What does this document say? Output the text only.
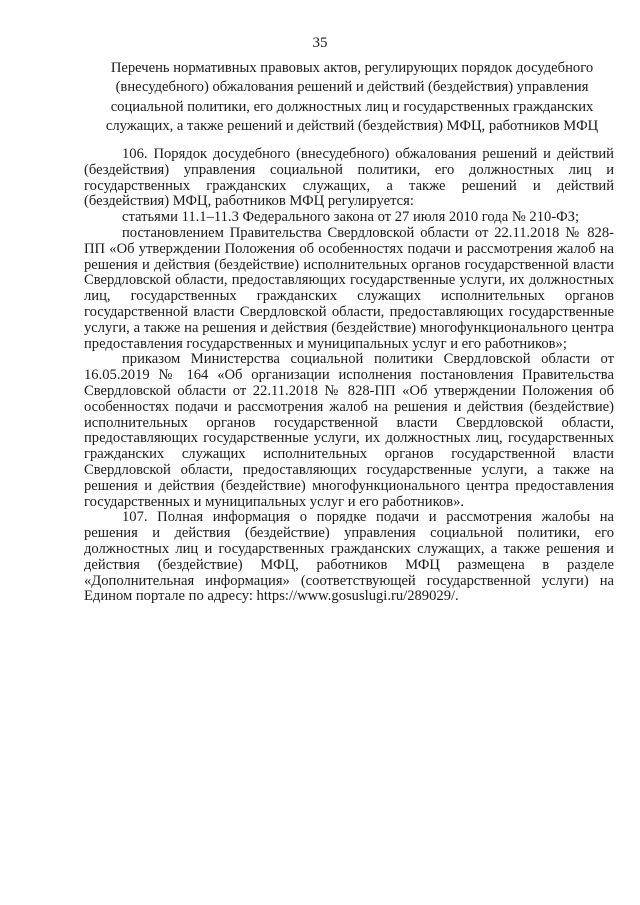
35
Перечень нормативных правовых актов, регулирующих порядок досудебного (внесудебного) обжалования решений и действий (бездействия) управления социальной политики, его должностных лиц и государственных гражданских служащих, а также решений и действий (бездействия) МФЦ, работников МФЦ

106. Порядок досудебного (внесудебного) обжалования решений и действий (бездействия) управления социальной политики, его должностных лиц и государственных гражданских служащих, а также решений и действий (бездействия) МФЦ, работников МФЦ регулируется:

статьями 11.1–11.3 Федерального закона от 27 июля 2010 года № 210-ФЗ;

постановлением Правительства Свердловской области от 22.11.2018 № 828-ПП «Об утверждении Положения об особенностях подачи и рассмотрения жалоб на решения и действия (бездействие) исполнительных органов государственной власти Свердловской области, предоставляющих государственные услуги, их должностных лиц, государственных гражданских служащих исполнительных органов государственной власти Свердловской области, предоставляющих государственные услуги, а также на решения и действия (бездействие) многофункционального центра предоставления государственных и муниципальных услуг и его работников»;

приказом Министерства социальной политики Свердловской области от 16.05.2019 № 164 «Об организации исполнения постановления Правительства Свердловской области от 22.11.2018 № 828-ПП «Об утверждении Положения об особенностях подачи и рассмотрения жалоб на решения и действия (бездействие) исполнительных органов государственной власти Свердловской области, предоставляющих государственные услуги, их должностных лиц, государственных гражданских служащих исполнительных органов государственной власти Свердловской области, предоставляющих государственные услуги, а также на решения и действия (бездействие) многофункционального центра предоставления государственных и муниципальных услуг и его работников».

107. Полная информация о порядке подачи и рассмотрения жалобы на решения и действия (бездействие) управления социальной политики, его должностных лиц и государственных гражданских служащих, а также решения и действия (бездействие) МФЦ, работников МФЦ размещена в разделе «Дополнительная информация» (соответствующей государственной услуги) на Едином портале по адресу: https://www.gosuslugi.ru/289029/.
